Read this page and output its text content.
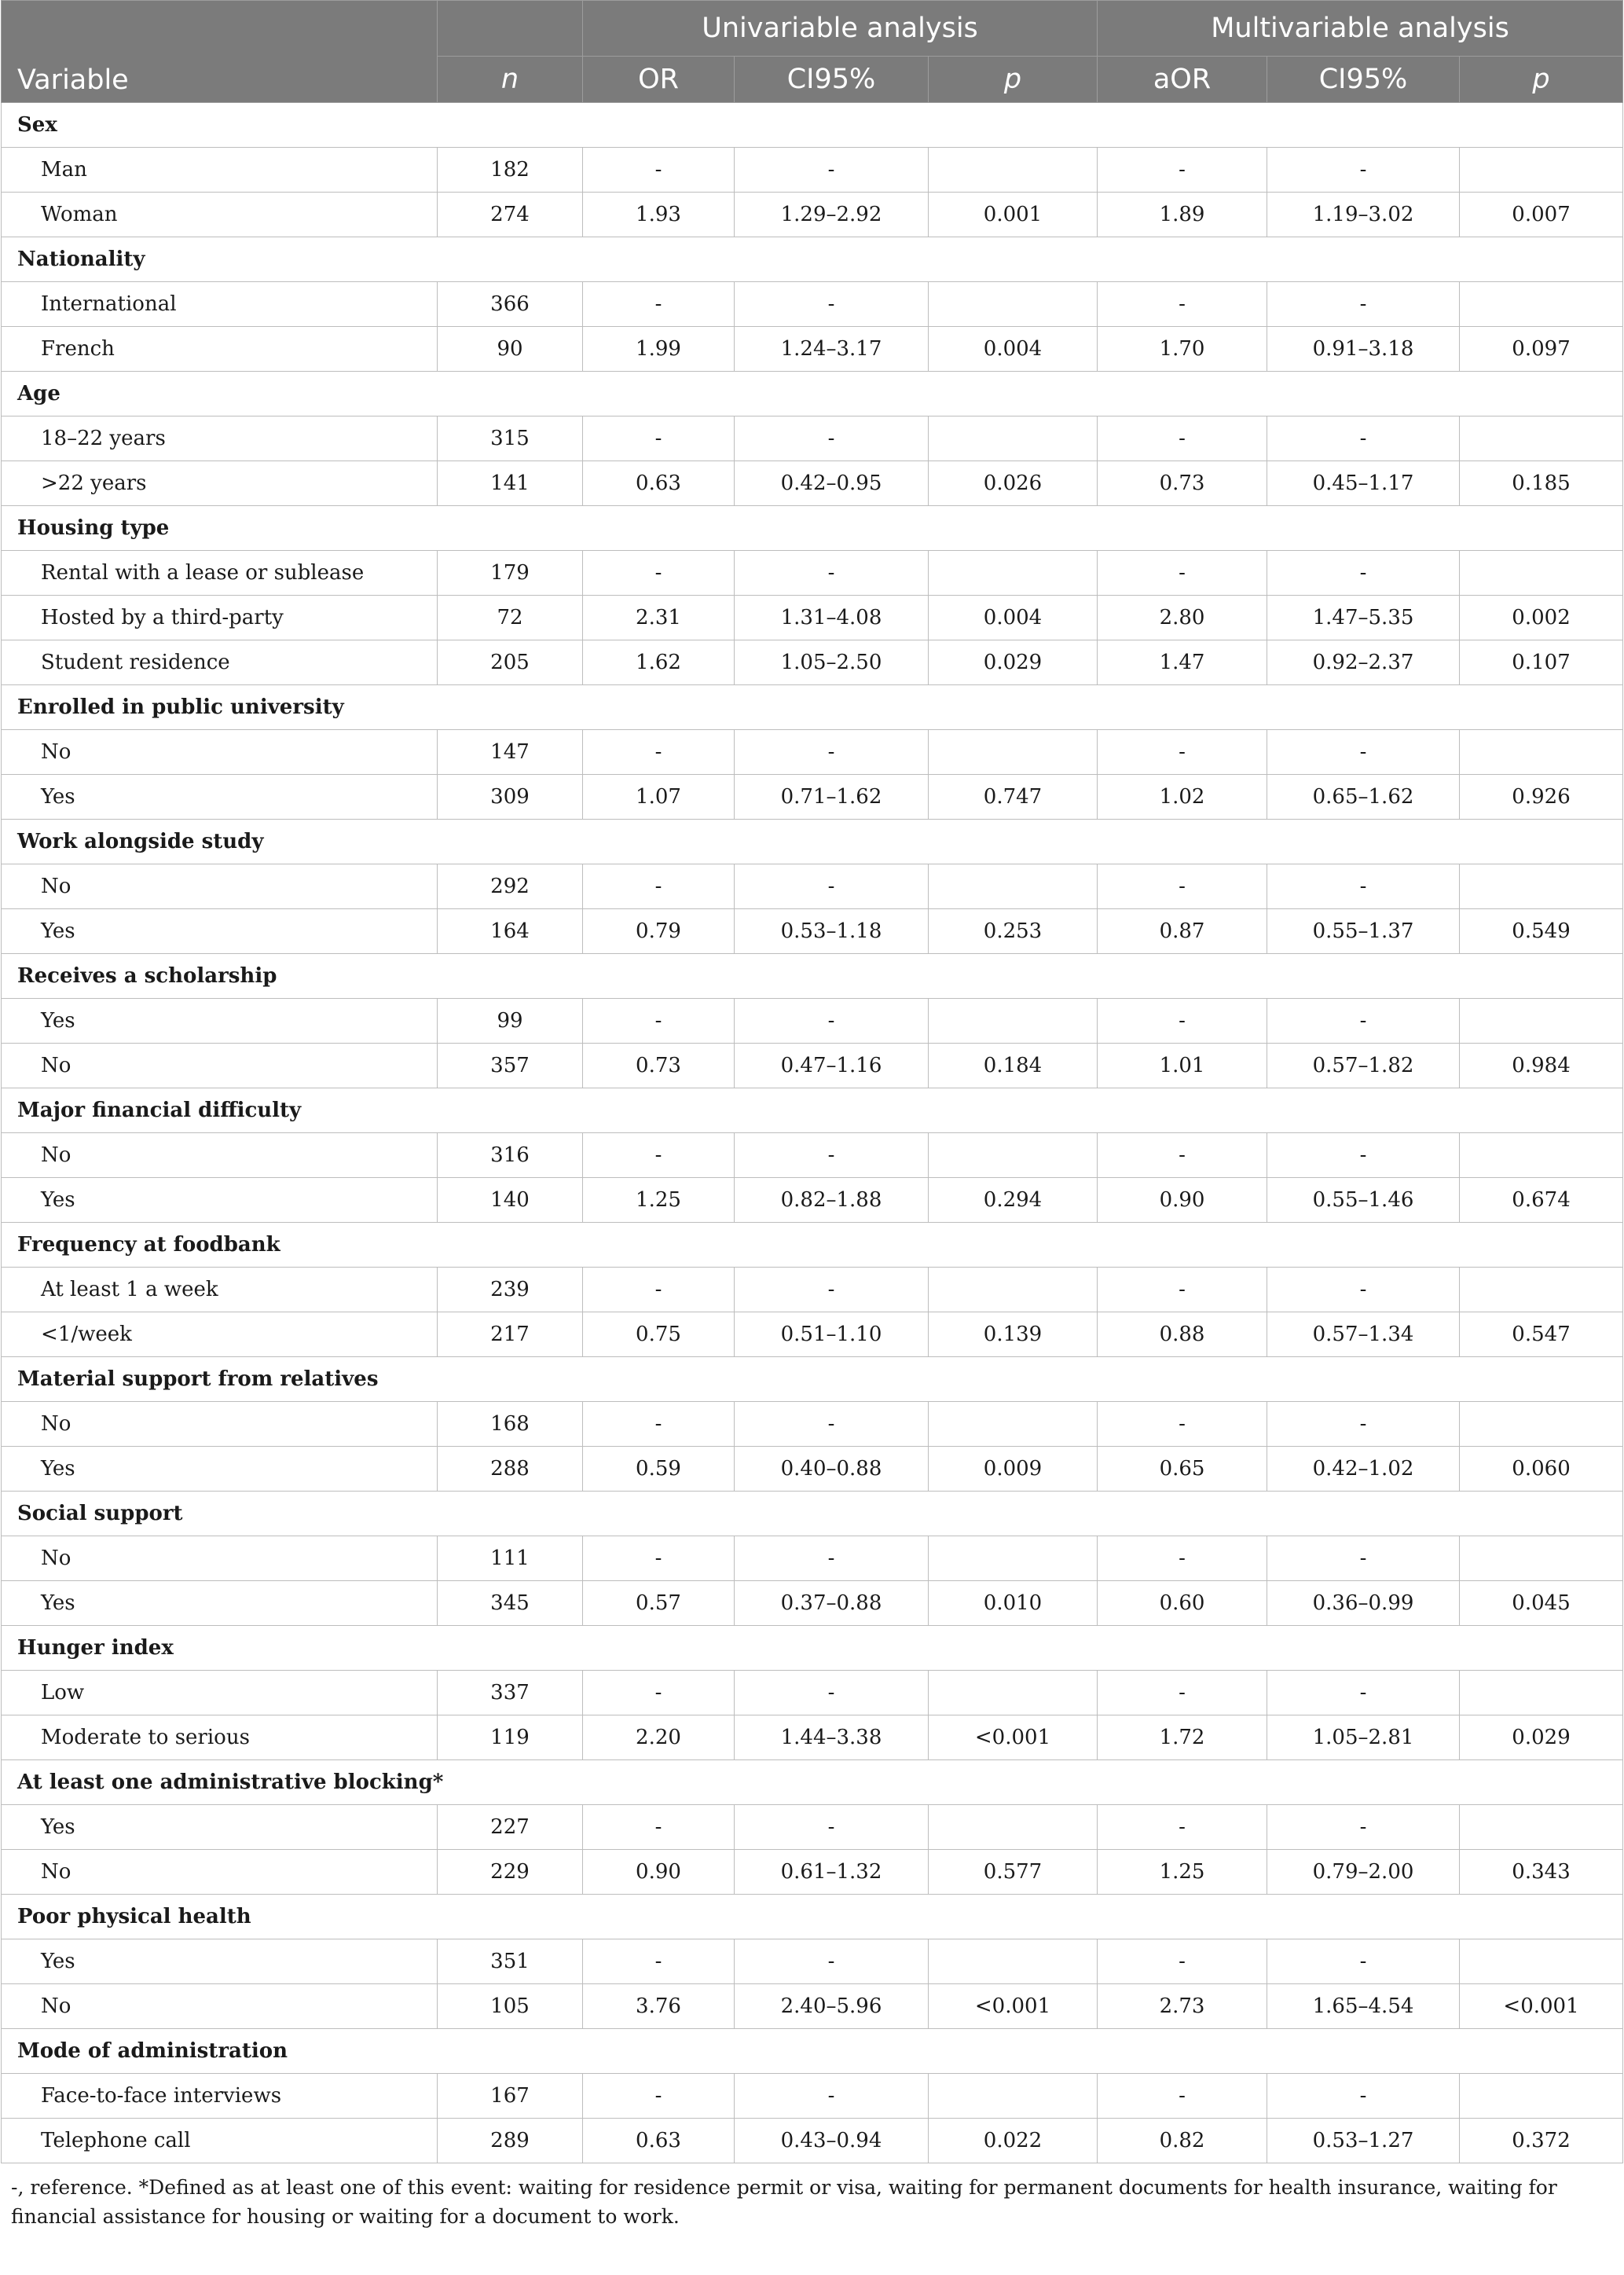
Variable		Univariable analysis			Multivariable analysis		
	n	OR	CI95%	p	aOR	CI95%	p
Sex							
Man	182	-	-		-	-	
Woman	274	1.93	1.29–2.92	0.001	1.89	1.19–3.02	0.007
Nationality							
International	366	-	-		-	-	
French	90	1.99	1.24–3.17	0.004	1.70	0.91–3.18	0.097
Age							
18–22 years	315	-	-		-	-	
>22 years	141	0.63	0.42–0.95	0.026	0.73	0.45–1.17	0.185
Housing type							
Rental with a lease or sublease	179	-	-		-	-	
Hosted by a third-party	72	2.31	1.31–4.08	0.004	2.80	1.47–5.35	0.002
Student residence	205	1.62	1.05–2.50	0.029	1.47	0.92–2.37	0.107
Enrolled in public university							
No	147	-	-		-	-	
Yes	309	1.07	0.71–1.62	0.747	1.02	0.65–1.62	0.926
Work alongside study							
No	292	-	-		-	-	
Yes	164	0.79	0.53–1.18	0.253	0.87	0.55–1.37	0.549
Receives a scholarship							
Yes	99	-	-		-	-	
No	357	0.73	0.47–1.16	0.184	1.01	0.57–1.82	0.984
Major financial difficulty							
No	316	-	-		-	-	
Yes	140	1.25	0.82–1.88	0.294	0.90	0.55–1.46	0.674
Frequency at foodbank							
At least 1 a week	239	-	-		-	-	
<1/week	217	0.75	0.51–1.10	0.139	0.88	0.57–1.34	0.547
Material support from relatives							
No	168	-	-		-	-	
Yes	288	0.59	0.40–0.88	0.009	0.65	0.42–1.02	0.060
Social support							
No	111	-	-		-	-	
Yes	345	0.57	0.37–0.88	0.010	0.60	0.36–0.99	0.045
Hunger index							
Low	337	-	-		-	-	
Moderate to serious	119	2.20	1.44–3.38	<0.001	1.72	1.05–2.81	0.029
At least one administrative blocking*							
Yes	227	-	-		-	-	
No	229	0.90	0.61–1.32	0.577	1.25	0.79–2.00	0.343
Poor physical health							
Yes	351	-	-		-	-	
No	105	3.76	2.40–5.96	<0.001	2.73	1.65–4.54	<0.001
Mode of administration							
Face-to-face interviews	167	-	-		-	-	
Telephone call	289	0.63	0.43–0.94	0.022	0.82	0.53–1.27	0.372

-, reference. *Defined as at least one of this event: waiting for residence permit or visa, waiting for permanent documents for health insurance, waiting for financial assistance for housing or waiting for a document to work.
